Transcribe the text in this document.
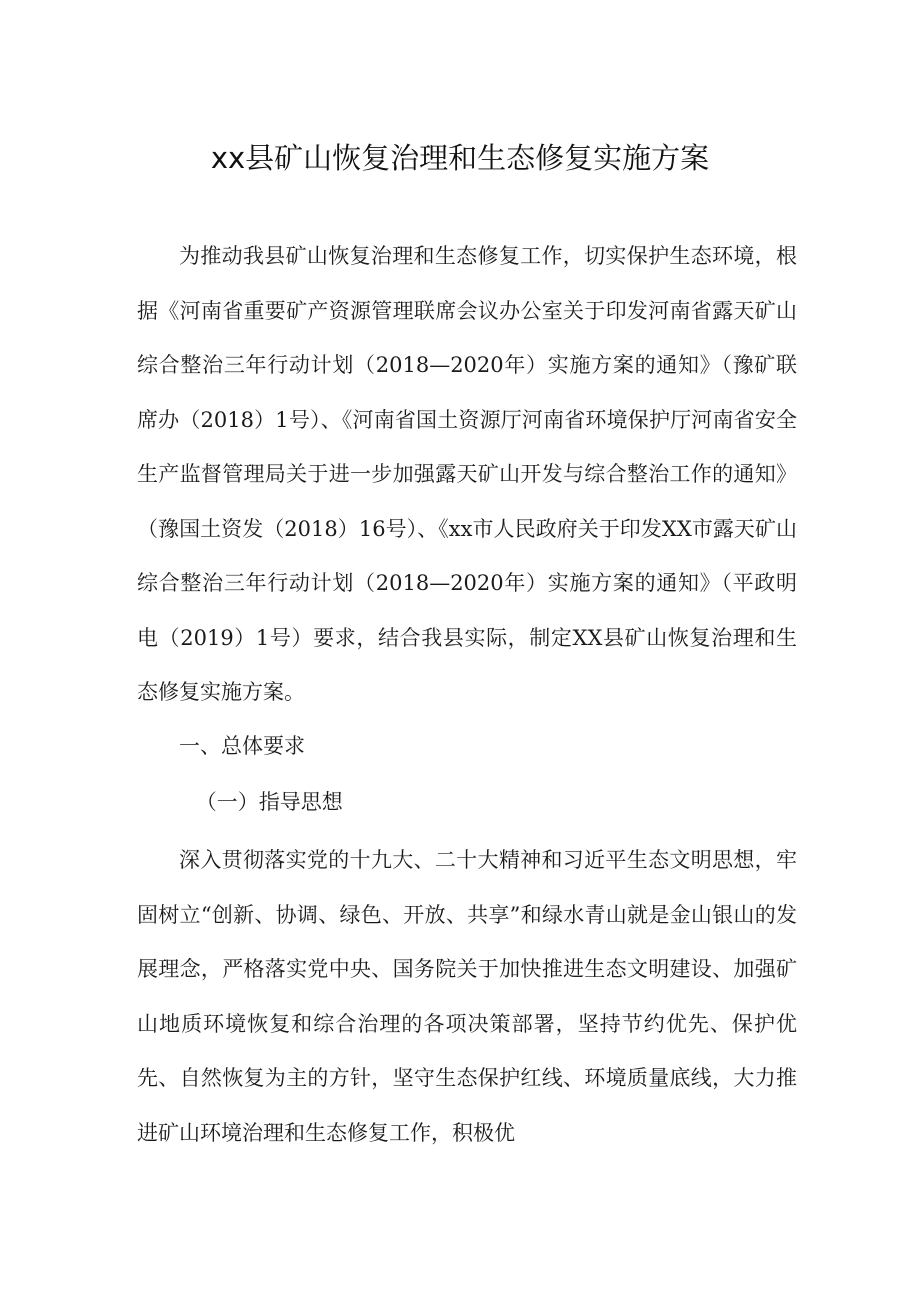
xx县矿山恢复治理和生态修复实施方案

为推动我县矿山恢复治理和生态修复工作，切实保护生态环境，根据《河南省重要矿产资源管理联席会议办公室关于印发河南省露天矿山综合整治三年行动计划（2018—2020年）实施方案的通知》（豫矿联席办（2018）1号）、《河南省国土资源厅河南省环境保护厅河南省安全生产监督管理局关于进一步加强露天矿山开发与综合整治工作的通知》（豫国土资发（2018）16号）、《xx市人民政府关于印发XX市露天矿山综合整治三年行动计划（2018—2020年）实施方案的通知》（平政明电（2019）1号）要求，结合我县实际，制定XX县矿山恢复治理和生态修复实施方案。

一、总体要求

（一）指导思想

深入贯彻落实党的十九大、二十大精神和习近平生态文明思想，牢固树立“创新、协调、绿色、开放、共享”和绿水青山就是金山银山的发展理念，严格落实党中央、国务院关于加快推进生态文明建设、加强矿山地质环境恢复和综合治理的各项决策部署，坚持节约优先、保护优先、自然恢复为主的方针，坚守生态保护红线、环境质量底线，大力推进矿山环境治理和生态修复工作，积极优
